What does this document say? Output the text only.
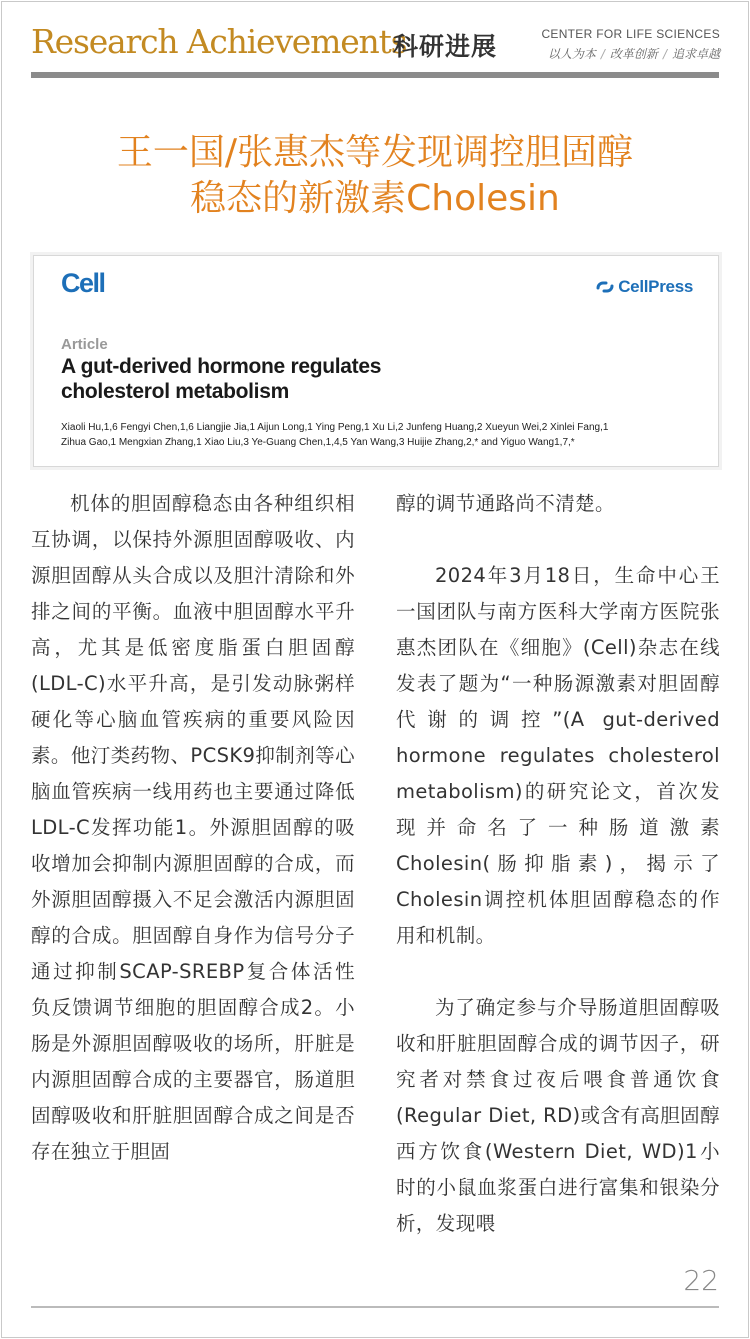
Research Achievements
科研进展	CENTER FOR LIFE SCIENCES
以人为本 / 改革创新 / 追求卓越
王一国/张惠杰等发现调控胆固醇
稳态的新激素Cholesin
Cell	CellPress
Article
A gut-derived hormone regulates
cholesterol metabolism
Xiaoli Hu,1,6 Fengyi Chen,1,6 Liangjie Jia,1 Aijun Long,1 Ying Peng,1 Xu Li,2 Junfeng Huang,2 Xueyun Wei,2 Xinlei Fang,1
Zihua Gao,1 Mengxian Zhang,1 Xiao Liu,3 Ye-Guang Chen,1,4,5 Yan Wang,3 Huijie Zhang,2,* and Yiguo Wang1,7,*

机体的胆固醇稳态由各种组织相互协调，以保持外源胆固醇吸收、内源胆固醇从头合成以及胆汁清除和外排之间的平衡。血液中胆固醇水平升高，尤其是低密度脂蛋白胆固醇(LDL-C)水平升高，是引发动脉粥样硬化等心脑血管疾病的重要风险因素。他汀类药物、PCSK9抑制剂等心脑血管疾病一线用药也主要通过降低LDL-C发挥功能1。外源胆固醇的吸收增加会抑制内源胆固醇的合成，而外源胆固醇摄入不足会激活内源胆固醇的合成。胆固醇自身作为信号分子通过抑制SCAP-SREBP复合体活性负反馈调节细胞的胆固醇合成2。小肠是外源胆固醇吸收的场所，肝脏是内源胆固醇合成的主要器官，肠道胆固醇吸收和肝脏胆固醇合成之间是否存在独立于胆固

醇的调节通路尚不清楚。

2024年3月18日，生命中心王一国团队与南方医科大学南方医院张惠杰团队在《细胞》(Cell)杂志在线发表了题为“一种肠源激素对胆固醇代谢的调控”(A gut-derived hormone regulates cholesterol metabolism)的研究论文，首次发现并命名了一种肠道激素Cholesin(肠抑脂素)，揭示了Cholesin调控机体胆固醇稳态的作用和机制。

为了确定参与介导肠道胆固醇吸收和肝脏胆固醇合成的调节因子，研究者对禁食过夜后喂食普通饮食(Regular Diet, RD)或含有高胆固醇西方饮食(Western Diet, WD)1小时的小鼠血浆蛋白进行富集和银染分析，发现喂

22
